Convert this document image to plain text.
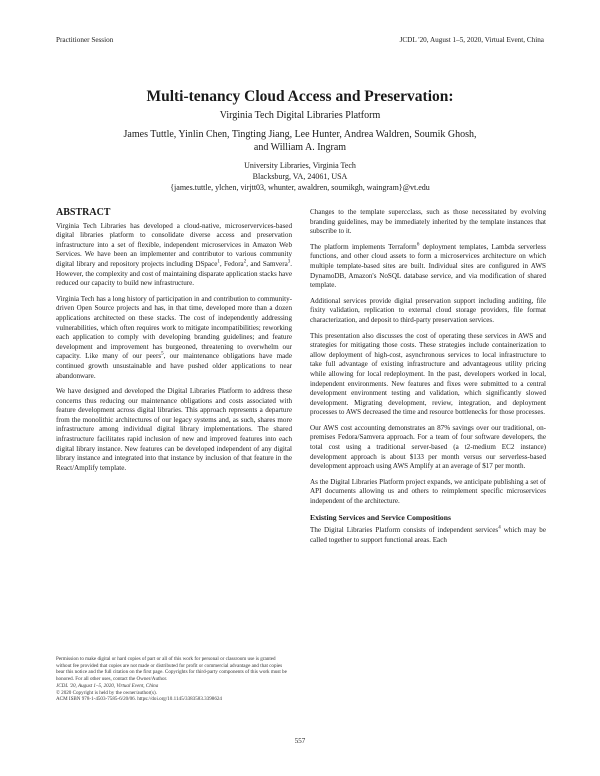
Practitioner Session	JCDL '20, August 1–5, 2020, Virtual Event, China
Multi-tenancy Cloud Access and Preservation:
Virginia Tech Digital Libraries Platform
James Tuttle, Yinlin Chen, Tingting Jiang, Lee Hunter, Andrea Waldren, Soumik Ghosh,
and William A. Ingram
University Libraries, Virginia Tech
Blacksburg, VA, 24061, USA
{james.tuttle, ylchen, virjtt03, whunter, awaldren, soumikgh, waingram}@vt.edu
ABSTRACT

Virginia Tech Libraries has developed a cloud-native, microservervices-based digital libraries platform to consolidate diverse access and preservation infrastructure into a set of flexible, independent microservices in Amazon Web Services. We have been an implementer and contributor to various community digital library and repository projects including DSpace$^1$, Fedora$^2$, and Samvera$^3$. However, the complexity and cost of maintaining disparate application stacks have reduced our capacity to build new infrastructure.

Virginia Tech has a long history of participation in and contribution to community-driven Open Source projects and has, in that time, developed more than a dozen applications architected on these stacks. The cost of independently addressing vulnerabilities, which often requires work to mitigate incompatibilities; reworking each application to comply with developing branding guidelines; and feature development and improvement has burgeoned, threatening to overwhelm our capacity. Like many of our peers$^5$, our maintenance obligations have made continued growth unsustainable and have pushed older applications to near abandonware.

We have designed and developed the Digital Libraries Platform to address these concerns thus reducing our maintenance obligations and costs associated with feature development across digital libraries. This approach represents a departure from the monolithic architectures of our legacy systems and, as such, shares more infrastructure among individual digital library implementations. The shared infrastructure facilitates rapid inclusion of new and improved features into each digital library instance. New features can be developed independent of any digital library instance and integrated into that instance by inclusion of that feature in the React/Amplify template.

Permission to make digital or hard copies of part or all of this work for personal or classroom use is granted without fee provided that copies are not made or distributed for profit or commercial advantage and that copies bear this notice and the full citation on the first page. Copyrights for third-party components of this work must be honored. For all other uses, contact the Owner/Author.
JCDL '20, August 1–5, 2020, Virtual Event, China
© 2020 Copyright is held by the owner/author(s).
ACM ISBN 978-1-4503-7585-6/20/06. https://doi.org/10.1145/3383583.3398624

Changes to the template supercclass, such as those necessitated by evolving branding guidelines, may be immediately inherited by the template instances that subscribe to it.

The platform implements Terraform$^6$ deployment templates, Lambda serverless functions, and other cloud assets to form a microservices architecture on which multiple template-based sites are built. Individual sites are configured in AWS DynamoDB, Amazon's NoSQL database service, and via modification of shared template.

Additional services provide digital preservation support including auditing, file fixity validation, replication to external cloud storage providers, file format characterization, and deposit to third-party preservation services.

This presentation also discusses the cost of operating these services in AWS and strategies for mitigating those costs. These strategies include containerization to allow deployment of high-cost, asynchronous services to local infrastructure to take full advantage of existing infrastructure and advantageous utility pricing while allowing for local redeployment. In the past, developers worked in local, independent environments. New features and fixes were submitted to a central development environment testing and validation, which significantly slowed development. Migrating development, review, integration, and deployment processes to AWS decreased the time and resource bottlenecks for those processes.

Our AWS cost accounting demonstrates an 87% savings over our traditional, on-premises Fedora/Samvera approach. For a team of four software developers, the total cost using a traditional server-based (a t2-medium EC2 instance) development approach is about $133 per month versus our serverless-based development approach using AWS Amplify at an average of $17 per month.

As the Digital Libraries Platform project expands, we anticipate publishing a set of API documents allowing us and others to reimplement specific microservices independent of the architecture.

Existing Services and Service Compositions

The Digital Libraries Platform consists of independent services$^4$ which may be called together to support functional areas. Each

557
